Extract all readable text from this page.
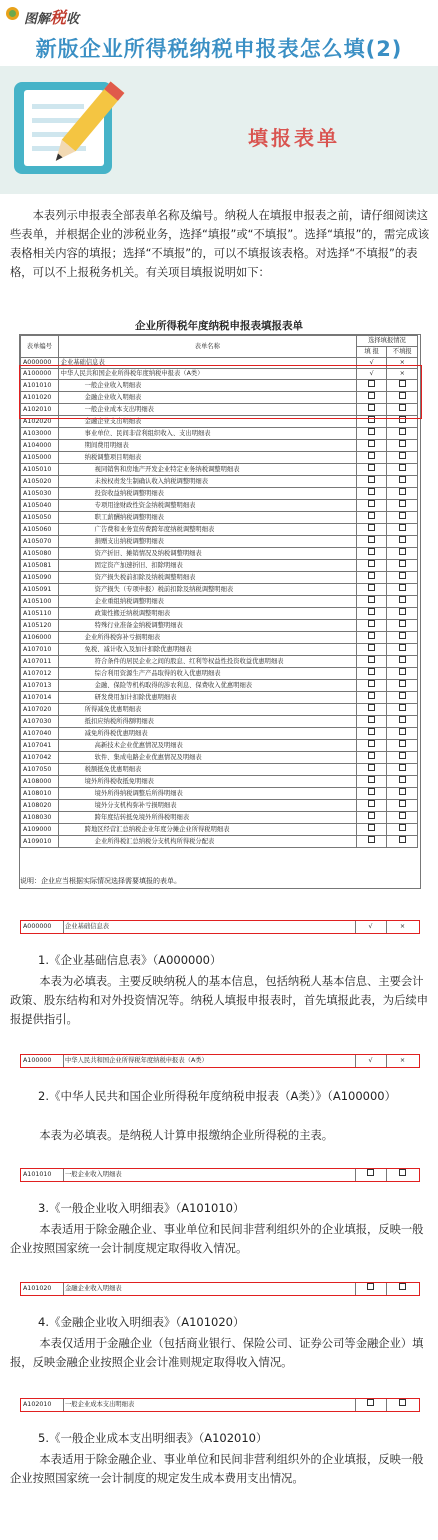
图解税收
新版企业所得税纳税申报表怎么填(2)
填报表单
本表列示申报表全部表单名称及编号。纳税人在填报申报表之前，请仔细阅读这些表单，并根据企业的涉税业务，选择“填报”或“不填报”。选择“填报”的，需完成该表格相关内容的填报；选择“不填报”的，可以不填报该表格。对选择“不填报”的表格，可以不上报税务机关。有关项目填报说明如下：
企业所得税年度纳税申报表填报表单
表单编号	表单名称	选择填报情况	
		填 报	不填报
A000000	企业基础信息表	√	×
A100000	中华人民共和国企业所得税年度纳税申报表（A类）	√	×
A101010	一般企业收入明细表		
A101020	金融企业收入明细表		
A102010	一般企业成本支出明细表		
A102020	金融企业支出明细表		
A103000	事业单位、民间非营利组织收入、支出明细表		
A104000	期间费用明细表		
A105000	纳税调整项目明细表		
A105010	视同销售和房地产开发企业特定业务纳税调整明细表		
A105020	未按权责发生制确认收入纳税调整明细表		
A105030	投资收益纳税调整明细表		
A105040	专项用途财政性资金纳税调整明细表		
A105050	职工薪酬纳税调整明细表		
A105060	广告费和业务宣传费跨年度纳税调整明细表		
A105070	捐赠支出纳税调整明细表		
A105080	资产折旧、摊销情况及纳税调整明细表		
A105081	固定资产加速折旧、扣除明细表		
A105090	资产损失税前扣除及纳税调整明细表		
A105091	资产损失（专项申报）税前扣除及纳税调整明细表		
A105100	企业重组纳税调整明细表		
A105110	政策性搬迁纳税调整明细表		
A105120	特殊行业准备金纳税调整明细表		
A106000	企业所得税弥补亏损明细表		
A107010	免税、减计收入及加计扣除优惠明细表		
A107011	符合条件的居民企业之间的股息、红利等权益性投资收益优惠明细表		
A107012	综合利用资源生产产品取得的收入优惠明细表		
A107013	金融、保险等机构取得的涉农利息、保费收入优惠明细表		
A107014	研发费用加计扣除优惠明细表		
A107020	所得减免优惠明细表		
A107030	抵扣应纳税所得额明细表		
A107040	减免所得税优惠明细表		
A107041	高新技术企业优惠情况及明细表		
A107042	软件、集成电路企业优惠情况及明细表		
A107050	税额抵免优惠明细表		
A108000	境外所得税收抵免明细表		
A108010	境外所得纳税调整后所得明细表		
A108020	境外分支机构弥补亏损明细表		
A108030	跨年度结转抵免境外所得税明细表		
A109000	跨地区经营汇总纳税企业年度分摊企业所得税明细表		
A109010	企业所得税汇总纳税分支机构所得税分配表		
说明：企业应当根据实际情况选择需要填报的表单。
A000000	企业基础信息表	√	×
1.《企业基础信息表》（A000000）
本表为必填表。主要反映纳税人的基本信息，包括纳税人基本信息、主要会计政策、股东结构和对外投资情况等。纳税人填报申报表时，首先填报此表，为后续申报提供指引。
A100000	中华人民共和国企业所得税年度纳税申报表（A类）	√	×
2.《中华人民共和国企业所得税年度纳税申报表（A类）》（A100000）
本表为必填表。是纳税人计算申报缴纳企业所得税的主表。
A101010	一般企业收入明细表
3.《一般企业收入明细表》（A101010）
本表适用于除金融企业、事业单位和民间非营利组织外的企业填报，反映一般企业按照国家统一会计制度规定取得收入情况。
A101020	金融企业收入明细表
4.《金融企业收入明细表》（A101020）
本表仅适用于金融企业（包括商业银行、保险公司、证券公司等金融企业）填报，反映金融企业按照企业会计准则规定取得收入情况。
A102010	一般企业成本支出明细表
5.《一般企业成本支出明细表》（A102010）
本表适用于除金融企业、事业单位和民间非营利组织外的企业填报，反映一般企业按照国家统一会计制度的规定发生成本费用支出情况。
